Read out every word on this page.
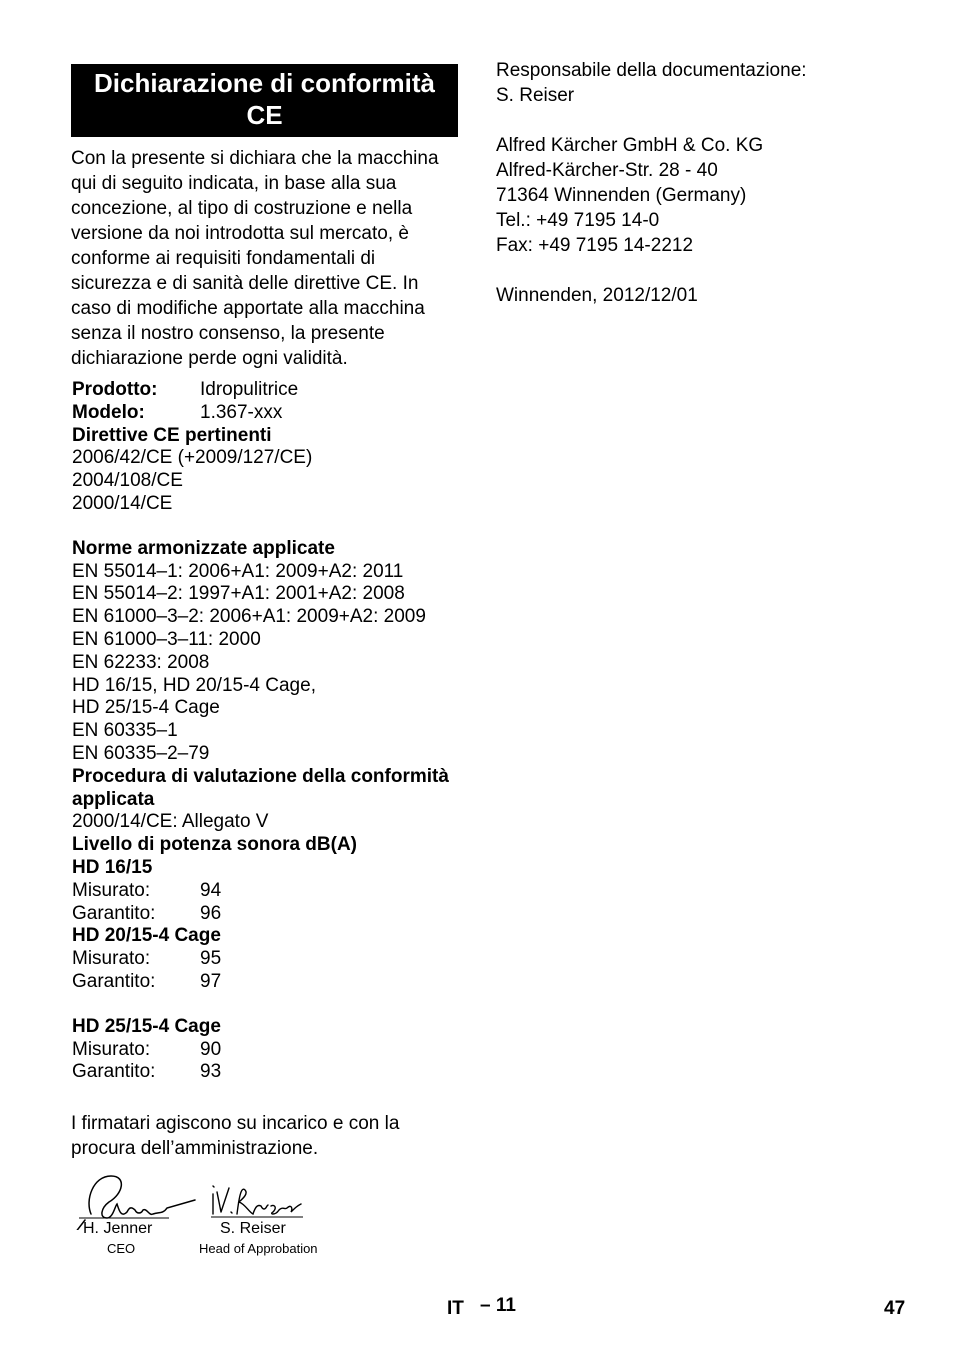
Dichiarazione di conformità CE
Con la presente si dichiara che la macchina qui di seguito indicata, in base alla sua concezione, al tipo di costruzione e nella versione da noi introdotta sul mercato, è conforme ai requisiti fondamentali di sicurezza e di sanità delle direttive CE. In caso di modifiche apportate alla macchina senza il nostro consenso, la presente dichiarazione perde ogni validità.
Prodotto:	Idropulitrice
Modelo:	1.367-xxx
Direttive CE pertinenti
2006/42/CE (+2009/127/CE)
2004/108/CE
2000/14/CE
Norme armonizzate applicate
EN 55014–1: 2006+A1: 2009+A2: 2011
EN 55014–2: 1997+A1: 2001+A2: 2008
EN 61000–3–2: 2006+A1: 2009+A2: 2009
EN 61000–3–11: 2000
EN 62233: 2008
HD 16/15, HD 20/15-4 Cage,
HD 25/15-4 Cage
EN 60335–1
EN 60335–2–79
Procedura di valutazione della conformità applicata
2000/14/CE: Allegato V
Livello di potenza sonora dB(A)
HD 16/15
Misurato:	94
Garantito:	96
HD 20/15-4 Cage
Misurato:	95
Garantito:	97
HD 25/15-4 Cage
Misurato:	90
Garantito:	93
I firmatari agiscono su incarico e con la procura dell’amministrazione.
H. Jenner
CEO
S. Reiser
Head of Approbation
Responsabile della documentazione:
S. Reiser
Alfred Kärcher GmbH & Co. KG
Alfred-Kärcher-Str. 28 - 40
71364 Winnenden (Germany)
Tel.: +49 7195 14-0
Fax: +49 7195 14-2212
Winnenden, 2012/12/01
IT – 11	47
